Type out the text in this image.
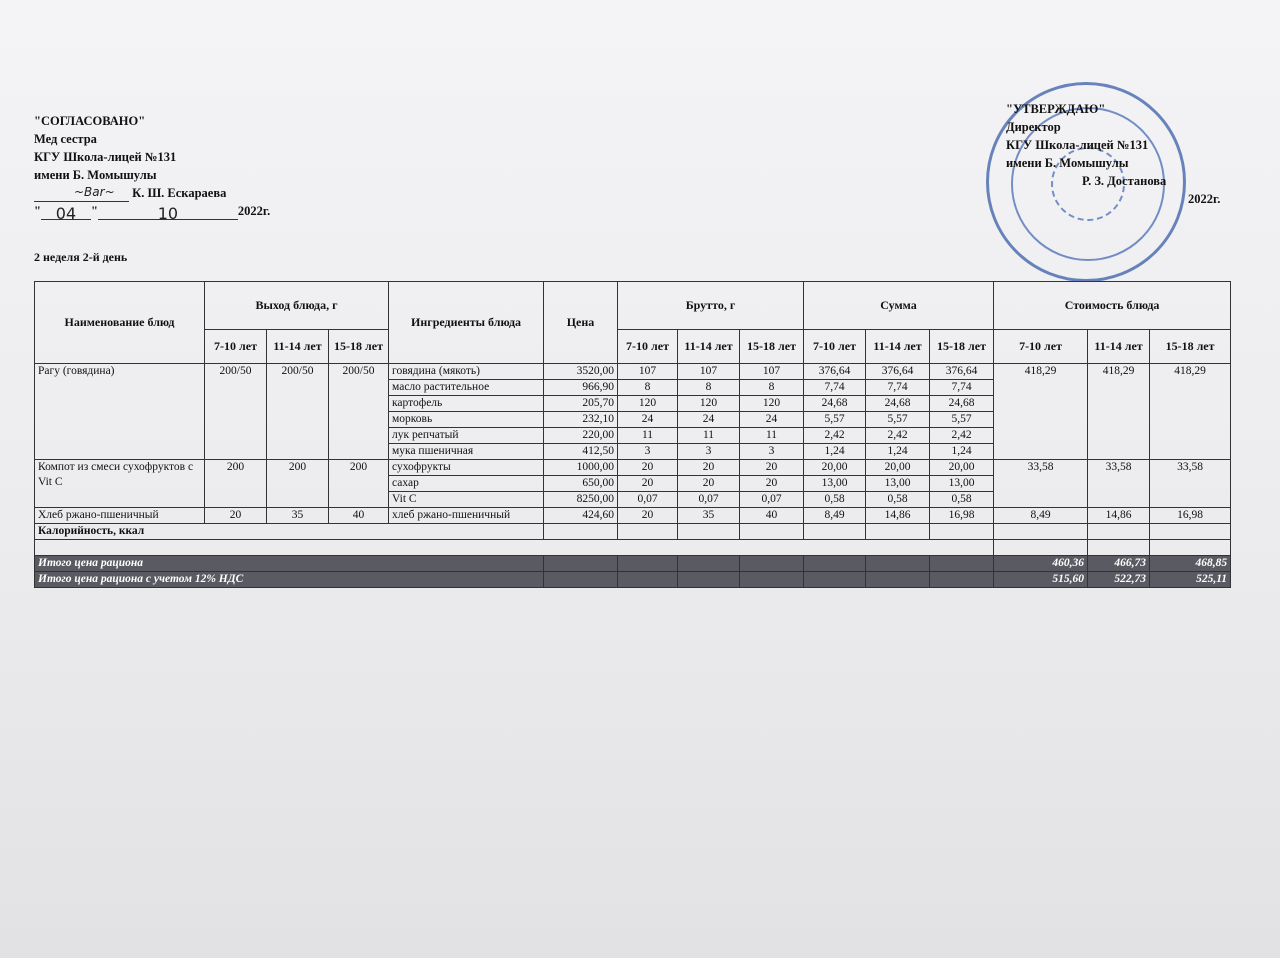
"СОГЛАСОВАНО"
Мед сестра
КГУ Школа-лицей №131
имени Б. Момышулы
~Bar~ К. Ш. Ескараева
" 04 "	10	2022г.
"УТВЕРЖДАЮ"
Директор
КГУ Школа-лицей №131
имени Б. Момышулы
Р. З. Достанова
2022г.
2 неделя 2-й день
Наименование блюд	Выход блюда, г			Ингредиенты блюда	Цена	Брутто, г			Сумма			Стоимость блюда		
	7-10 лет	11-14 лет	15-18 лет			7-10 лет	11-14 лет	15-18 лет	7-10 лет	11-14 лет	15-18 лет	7-10 лет	11-14 лет	15-18 лет
Рагу (говядина)	200/50	200/50	200/50	говядина (мякоть)	3520,00	107	107	107	376,64	376,64	376,64	418,29	418,29	418,29
				масло растительное	966,90	8	8	8	7,74	7,74	7,74			
				картофель	205,70	120	120	120	24,68	24,68	24,68			
				морковь	232,10	24	24	24	5,57	5,57	5,57			
				лук репчатый	220,00	11	11	11	2,42	2,42	2,42			
				мука пшеничная	412,50	3	3	3	1,24	1,24	1,24			
Компот из смеси сухофруктов с Vit C	200	200	200	сухофрукты	1000,00	20	20	20	20,00	20,00	20,00	33,58	33,58	33,58
				сахар	650,00	20	20	20	13,00	13,00	13,00			
				Vit C	8250,00	0,07	0,07	0,07	0,58	0,58	0,58			
Хлеб ржано-пшеничный	20	35	40	хлеб ржано-пшеничный	424,60	20	35	40	8,49	14,86	16,98	8,49	14,86	16,98
Калорийность, ккал														

Итого цена рациона												460,36	466,73	468,85
Итого цена рациона с учетом 12% НДС												515,60	522,73	525,11
